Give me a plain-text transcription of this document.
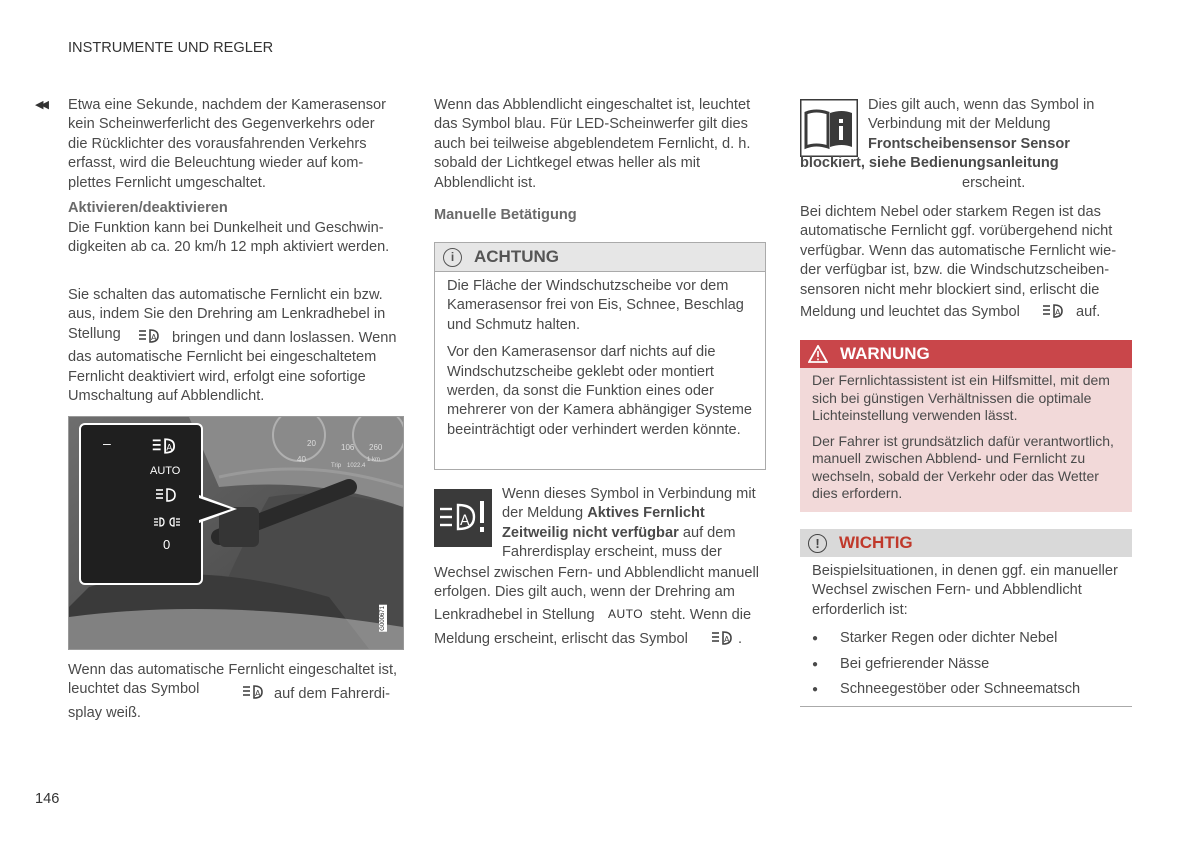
INSTRUMENTE UND REGLER
◀◀ Etwa eine Sekunde, nachdem der Kamerasensor kein Scheinwerferlicht des Gegenverkehrs oder die Rücklichter des vorausfahrenden Verkehrs erfasst, wird die Beleuchtung wieder auf komplettes Fernlicht umgeschaltet.

Aktivieren/deaktivieren

Die Funktion kann bei Dunkelheit und Geschwindigkeiten ab ca. 20 km/h 12 mph aktiviert werden.

Sie schalten das automatische Fernlicht ein bzw. aus, indem Sie den Drehring am Lenkradhebel in Stellung	A	bringen und dann loslassen. Wenn das automatische Fernlicht bei eingeschaltetem Fernlicht deaktiviert wird, erfolgt eine sofortige Umschaltung auf Abblendlicht.

20	106
40
260
Trip 1022.4
1 km
–	A
AUTO
0
G000671

Wenn das automatische Fernlicht eingeschaltet ist, leuchtet das Symbol	A auf dem Fahrerdisplay weiß.

Wenn das Abblendlicht eingeschaltet ist, leuchtet das Symbol blau. Für LED-Scheinwerfer gilt dies auch bei teilweise abgeblendetem Fernlicht, d. h. sobald der Lichtkegel etwas heller als mit Abblendlicht ist.

Manuelle Betätigung
i	ACHTUNG

Die Fläche der Windschutzscheibe vor dem Kamerasensor frei von Eis, Schnee, Beschlag und Schmutz halten.

Vor den Kamerasensor darf nichts auf die Windschutzscheibe geklebt oder montiert werden, da sonst die Funktion eines oder mehrerer von der Kamera abhängiger Systeme beeinträchtigt oder verhindert werden könnte.

A

Wenn dieses Symbol in Verbindung mit der Meldung Aktives Fernlicht Zeitweilig nicht verfügbar auf dem Fahrerdisplay erscheint, muss der

Wechsel zwischen Fern- und Abblendlicht manuell erfolgen. Dies gilt auch, wenn der Drehring am

Lenkradhebel in Stellung AUTO steht. Wenn die
Meldung erscheint, erlischt das Symbol	A .

Dies gilt auch, wenn das Symbol in Verbindung mit der Meldung

Frontscheibensensor Sensor blockiert, siehe Bedienungsanleitung

erscheint.

Bei dichtem Nebel oder starkem Regen ist das automatische Fernlicht ggf. vorübergehend nicht verfügbar. Wenn das automatische Fernlicht wieder verfügbar ist, bzw. die Windschutzscheibensensoren nicht mehr blockiert sind, erlischt die

Meldung und leuchtet das Symbol	A auf.
WARNUNG

Der Fernlichtassistent ist ein Hilfsmittel, mit dem sich bei günstigen Verhältnissen die optimale Lichteinstellung verwenden lässt.

Der Fahrer ist grundsätzlich dafür verantwortlich, manuell zwischen Abblend- und Fernlicht zu wechseln, sobald der Verkehr oder das Wetter dies erfordern.

!	WICHTIG

Beispielsituationen, in denen ggf. ein manueller Wechsel zwischen Fern- und Abblendlicht erforderlich ist:

● Starker Regen oder dichter Nebel
● Bei gefrierender Nässe
● Schneegestöber oder Schneematsch
146
